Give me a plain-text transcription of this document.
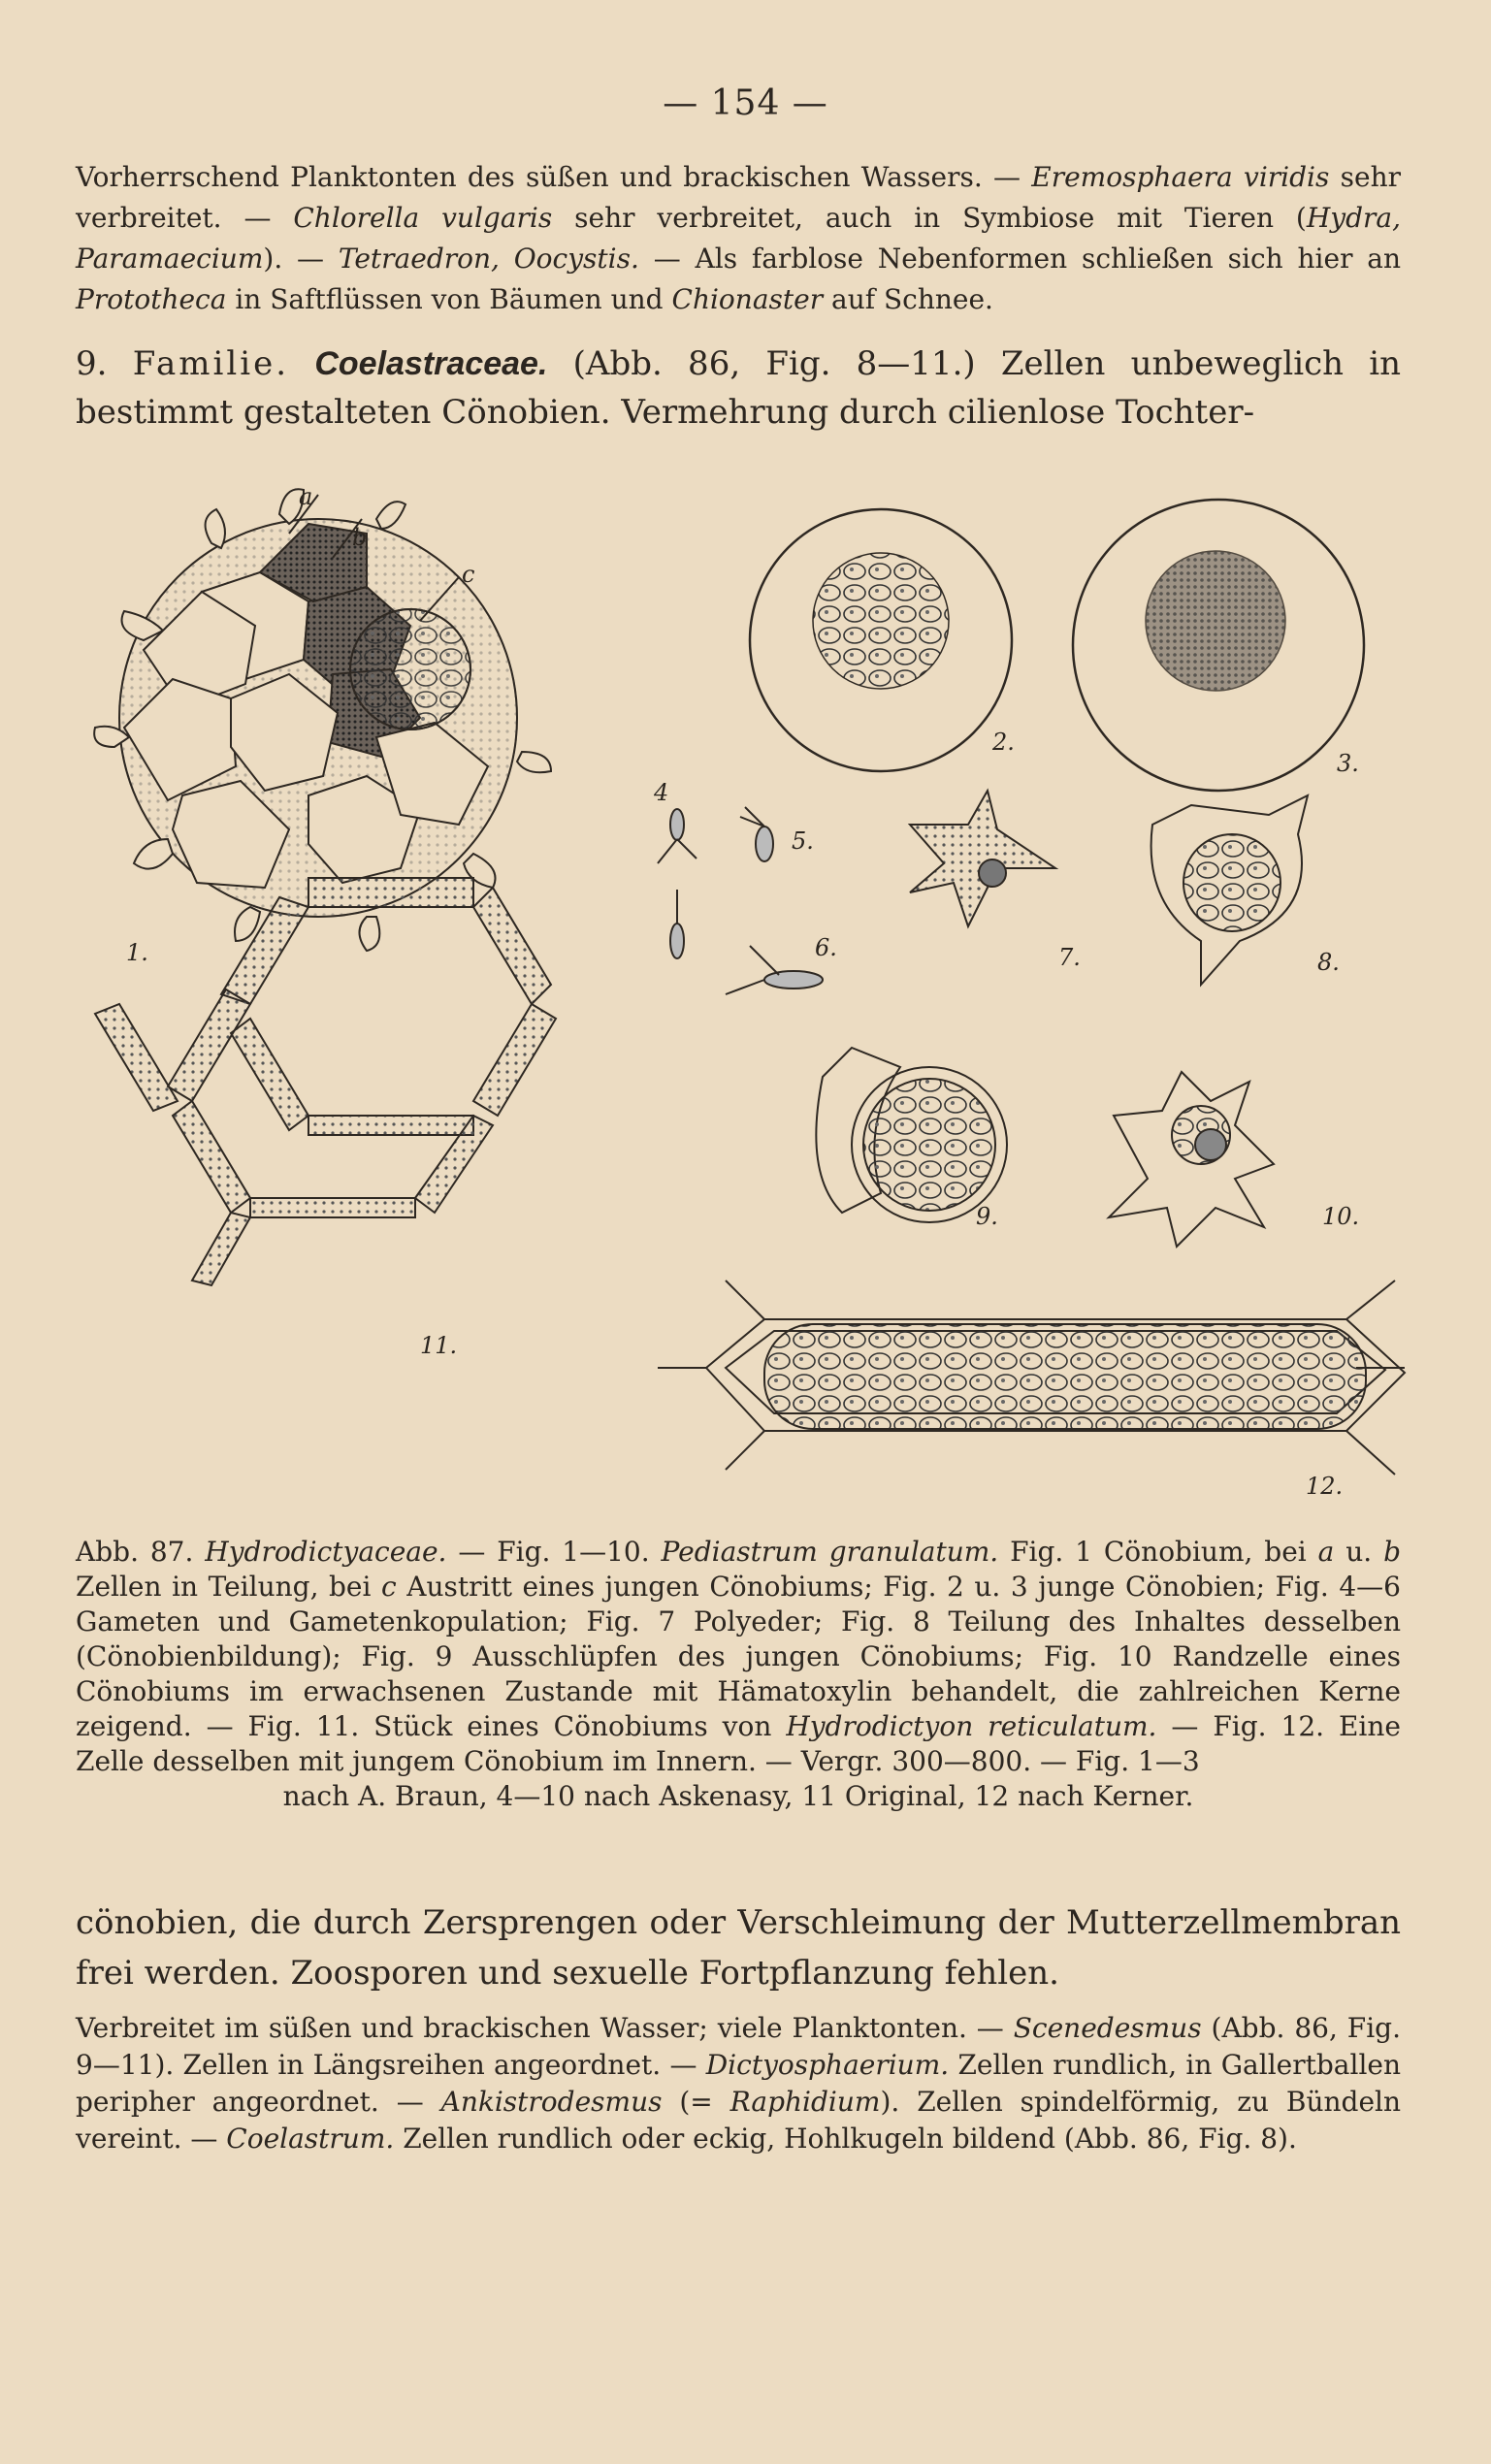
— 154 —
Vorherrschend Planktonten des süßen und brackischen Wassers. — Eremosphaera viridis sehr verbreitet. — Chlorella vulgaris sehr verbreitet, auch in Symbiose mit Tieren (Hydra, Paramaecium). — Tetraedron, Oocystis. — Als farblose Nebenformen schließen sich hier an Prototheca in Saftflüssen von Bäumen und Chionaster auf Schnee.
9. Familie. Coelastraceae. (Abb. 86, Fig. 8—11.) Zellen unbeweglich in bestimmt gestalteten Cönobien. Vermehrung durch cilienlose Tochter-
a
b
c
1.
2.
3.
4
5.
6.	7.	8.
9.	10.
11.
12.
Abb. 87. Hydrodictyaceae. — Fig. 1—10. Pediastrum granulatum. Fig. 1 Cönobium, bei a u. b Zellen in Teilung, bei c Austritt eines jungen Cönobiums; Fig. 2 u. 3 junge Cönobien; Fig. 4—6 Gameten und Gametenkopulation; Fig. 7 Polyeder; Fig. 8 Teilung des Inhaltes desselben (Cönobienbildung); Fig. 9 Ausschlüpfen des jungen Cönobiums; Fig. 10 Randzelle eines Cönobiums im erwachsenen Zustande mit Hämatoxylin behandelt, die zahlreichen Kerne zeigend. — Fig. 11. Stück eines Cönobiums von Hydrodictyon reticulatum. — Fig. 12. Eine Zelle desselben mit jungem Cönobium im Innern. — Vergr. 300—800. — Fig. 1—3
nach A. Braun, 4—10 nach Askenasy, 11 Original, 12 nach Kerner.
cönobien, die durch Zersprengen oder Verschleimung der Mutterzellmembran frei werden. Zoosporen und sexuelle Fortpflanzung fehlen.
Verbreitet im süßen und brackischen Wasser; viele Planktonten. — Scenedesmus (Abb. 86, Fig. 9—11). Zellen in Längsreihen angeordnet. — Dictyosphaerium. Zellen rundlich, in Gallertballen peripher angeordnet. — Ankistrodesmus (= Raphidium). Zellen spindelförmig, zu Bündeln vereint. — Coelastrum. Zellen rundlich oder eckig, Hohlkugeln bildend (Abb. 86, Fig. 8).
